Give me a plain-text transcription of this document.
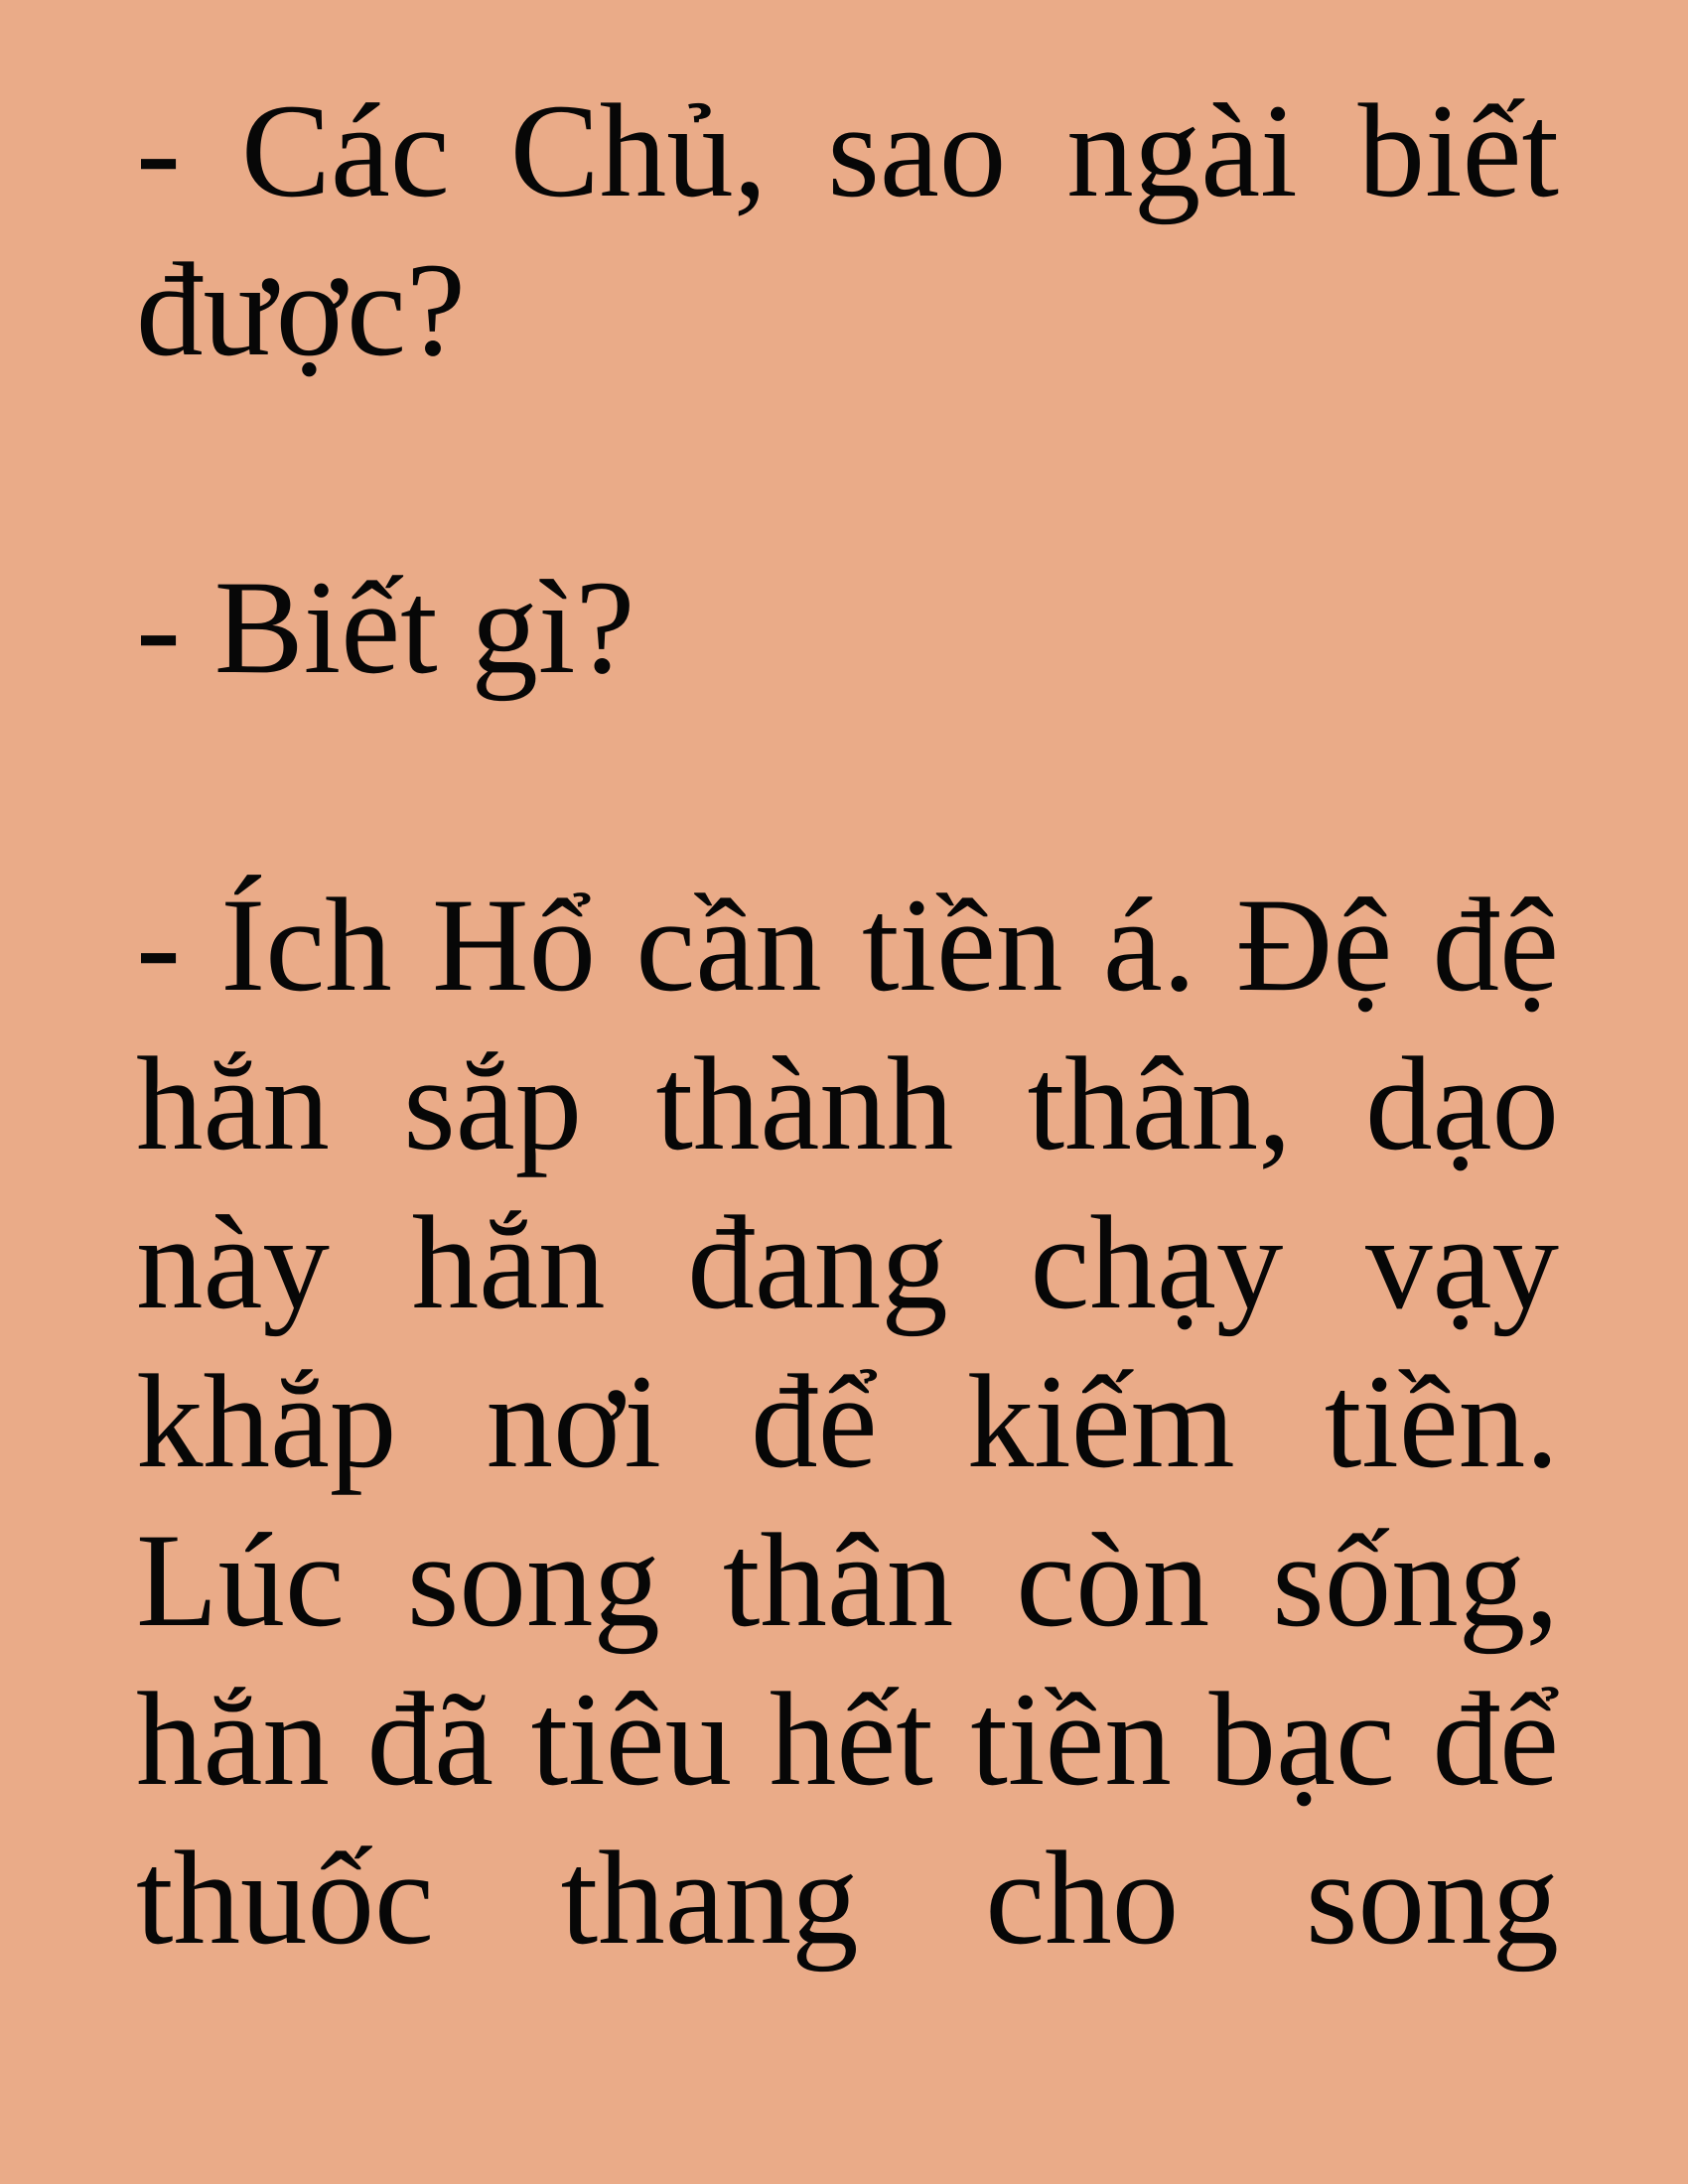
- Các Chủ, sao ngài biết
được?
- Biết gì?
- Ích Hổ cần tiền á. Đệ đệ
hắn sắp thành thân, dạo
này hắn đang chạy vạy
khắp nơi để kiếm tiền.
Lúc song thân còn sống,
hắn đã tiêu hết tiền bạc để
thuốc thang cho song
